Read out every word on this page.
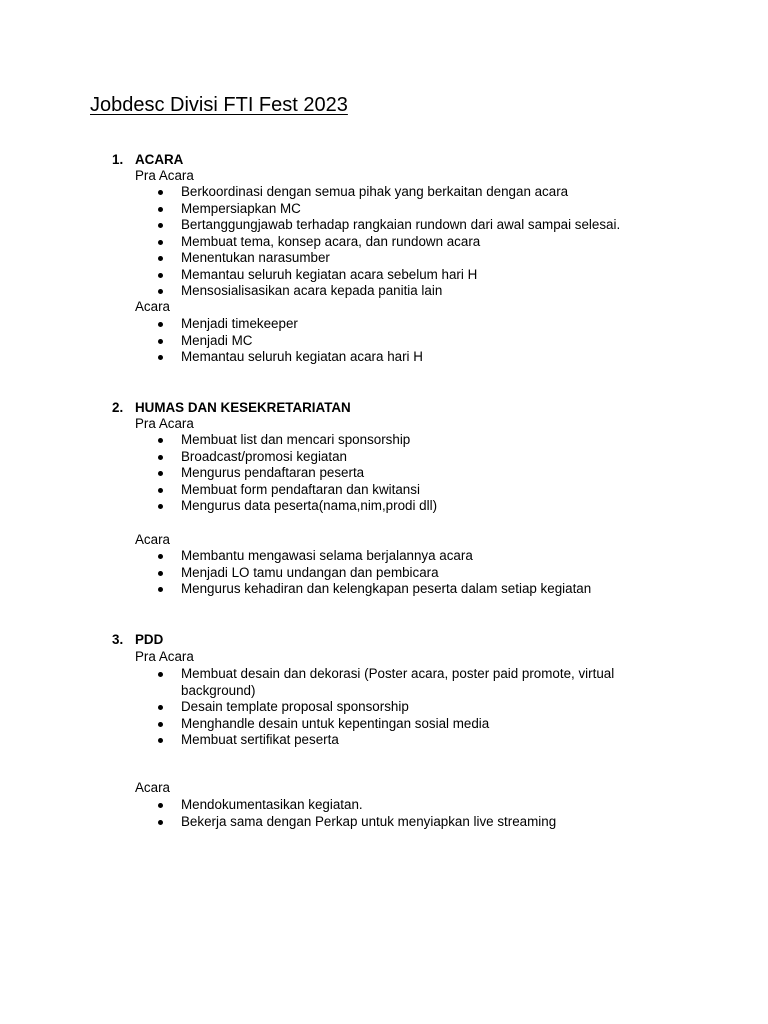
Jobdesc Divisi FTI Fest 2023
1. ACARA
Pra Acara
Berkoordinasi dengan semua pihak yang berkaitan dengan acara
Mempersiapkan MC
Bertanggungjawab terhadap rangkaian rundown dari awal sampai selesai.
Membuat tema, konsep acara, dan rundown acara
Menentukan narasumber
Memantau seluruh kegiatan acara sebelum hari H
Mensosialisasikan acara kepada panitia lain
Acara
Menjadi timekeeper
Menjadi MC
Memantau seluruh kegiatan acara hari H
2. HUMAS DAN KESEKRETARIATAN
Pra Acara
Membuat list dan mencari sponsorship
Broadcast/promosi kegiatan
Mengurus pendaftaran peserta
Membuat form pendaftaran dan kwitansi
Mengurus data peserta(nama,nim,prodi dll)
Acara
Membantu mengawasi selama berjalannya acara
Menjadi LO tamu undangan dan pembicara
Mengurus kehadiran dan kelengkapan peserta dalam setiap kegiatan
3. PDD
Pra Acara
Membuat desain dan dekorasi (Poster acara, poster paid promote, virtual background)
Desain template proposal sponsorship
Menghandle desain untuk kepentingan sosial media
Membuat sertifikat peserta
Acara
Mendokumentasikan kegiatan.
Bekerja sama dengan Perkap untuk menyiapkan live streaming
